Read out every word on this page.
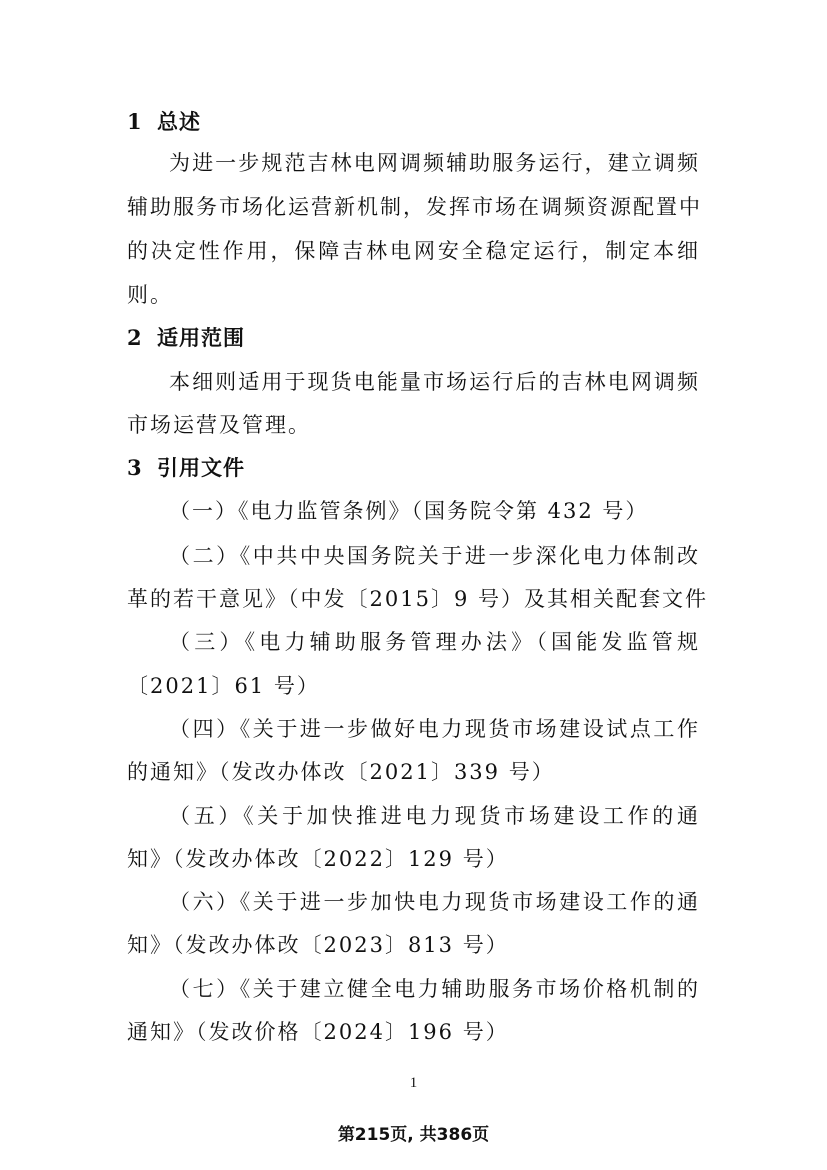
1 总述
为进一步规范吉林电网调频辅助服务运行，建立调频
辅助服务市场化运营新机制，发挥市场在调频资源配置中
的决定性作用，保障吉林电网安全稳定运行，制定本细
则。
2 适用范围
本细则适用于现货电能量市场运行后的吉林电网调频
市场运营及管理。
3 引用文件
（一）《电力监管条例》（国务院令第 432 号）
（二）《中共中央国务院关于进一步深化电力体制改
革的若干意见》（中发〔2015〕9 号）及其相关配套文件
（三）《电力辅助服务管理办法》（国能发监管规
〔2021〕61 号）
（四）《关于进一步做好电力现货市场建设试点工作
的通知》（发改办体改〔2021〕339 号）
（五）《关于加快推进电力现货市场建设工作的通
知》（发改办体改〔2022〕129 号）
（六）《关于进一步加快电力现货市场建设工作的通
知》（发改办体改〔2023〕813 号）
（七）《关于建立健全电力辅助服务市场价格机制的
通知》（发改价格〔2024〕196 号）
1
第215页, 共386页
